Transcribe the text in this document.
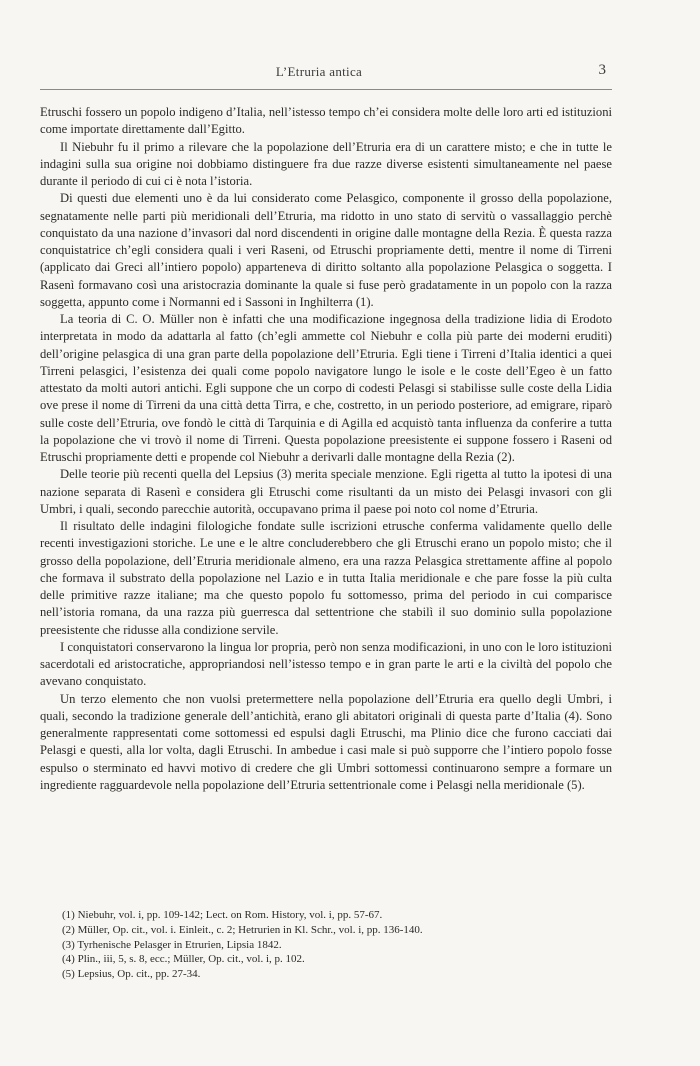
L’Etruria antica	3

Etruschi fossero un popolo indigeno d’Italia, nell’istesso tempo ch’ei considera molte delle loro arti ed istituzioni come importate direttamente dall’Egitto.

Il Niebuhr fu il primo a rilevare che la popolazione dell’Etruria era di un carattere misto; e che in tutte le indagini sulla sua origine noi dobbiamo distinguere fra due razze diverse esistenti simultaneamente nel paese durante il periodo di cui ci è nota l’istoria.

Di questi due elementi uno è da lui considerato come Pelasgico, componente il grosso della popolazione, segnatamente nelle parti più meridionali dell’Etruria, ma ridotto in uno stato di servitù o vassallaggio perchè conquistato da una nazione d’invasori dal nord discendenti in origine dalle montagne della Rezia. È questa razza conquistatrice ch’egli considera quali i veri Raseni, od Etruschi propriamente detti, mentre il nome di Tirreni (applicato dai Greci all’intiero popolo) apparteneva di diritto soltanto alla popolazione Pelasgica o soggetta. I Rasenì formavano così una aristocrazia dominante la quale si fuse però gradatamente in un popolo con la razza soggetta, appunto come i Normanni ed i Sassoni in Inghilterra (1).

La teoria di C. O. Müller non è infatti che una modificazione ingegnosa della tradizione lidia di Erodoto interpretata in modo da adattarla al fatto (ch’egli ammette col Niebuhr e colla più parte dei moderni eruditi) dell’origine pelasgica di una gran parte della popolazione dell’Etruria. Egli tiene i Tirreni d’Italia identici a quei Tirreni pelasgici, l’esistenza dei quali come popolo navigatore lungo le isole e le coste dell’Egeo è un fatto attestato da molti autori antichi. Egli suppone che un corpo di codesti Pelasgi si stabilisse sulle coste della Lidia ove prese il nome di Tirreni da una città detta Tirra, e che, costretto, in un periodo posteriore, ad emigrare, riparò sulle coste dell’Etruria, ove fondò le città di Tarquinia e di Agilla ed acquistò tanta influenza da conferire a tutta la popolazione che vi trovò il nome di Tirreni. Questa popolazione preesistente ei suppone fossero i Raseni od Etruschi propriamente detti e propende col Niebuhr a derivarli dalle montagne della Rezia (2).

Delle teorie più recenti quella del Lepsius (3) merita speciale menzione. Egli rigetta al tutto la ipotesi di una nazione separata di Rasenì e considera gli Etruschi come risultanti da un misto dei Pelasgi invasori con gli Umbri, i quali, secondo parecchie autorità, occupavano prima il paese poi noto col nome d’Etruria.

Il risultato delle indagini filologiche fondate sulle iscrizioni etrusche conferma validamente quello delle recenti investigazioni storiche. Le une e le altre concluderebbero che gli Etruschi erano un popolo misto; che il grosso della popolazione, dell’Etruria meridionale almeno, era una razza Pelasgica strettamente affine al popolo che formava il substrato della popolazione nel Lazio e in tutta Italia meridionale e che pare fosse la più culta delle primitive razze italiane; ma che questo popolo fu sottomesso, prima del periodo in cui comparisce nell’istoria romana, da una razza più guerresca dal settentrione che stabilì il suo dominio sulla popolazione preesistente che ridusse alla condizione servile.

I conquistatori conservarono la lingua lor propria, però non senza modificazioni, in uno con le loro istituzioni sacerdotali ed aristocratiche, appropriandosi nell’istesso tempo e in gran parte le arti e la civiltà del popolo che avevano conquistato.

Un terzo elemento che non vuolsi pretermettere nella popolazione dell’Etruria era quello degli Umbri, i quali, secondo la tradizione generale dell’antichità, erano gli abitatori originali di questa parte d’Italia (4). Sono generalmente rappresentati come sottomessi ed espulsi dagli Etruschi, ma Plinio dice che furono cacciati dai Pelasgi e questi, alla lor volta, dagli Etruschi. In ambedue i casi male si può supporre che l’intiero popolo fosse espulso o sterminato ed havvi motivo di credere che gli Umbri sottomessi continuarono sempre a formare un ingrediente ragguardevole nella popolazione dell’Etruria settentrionale come i Pelasgi nella meridionale (5).

(1) Niebuhr, vol. i, pp. 109-142; Lect. on Rom. History, vol. i, pp. 57-67.
(2) Müller, Op. cit., vol. i. Einleit., c. 2; Hetrurien in Kl. Schr., vol. i, pp. 136-140.
(3) Tyrhenische Pelasger in Etrurien, Lipsia 1842.
(4) Plin., iii, 5, s. 8, ecc.; Müller, Op. cit., vol. i, p. 102.
(5) Lepsius, Op. cit., pp. 27-34.
